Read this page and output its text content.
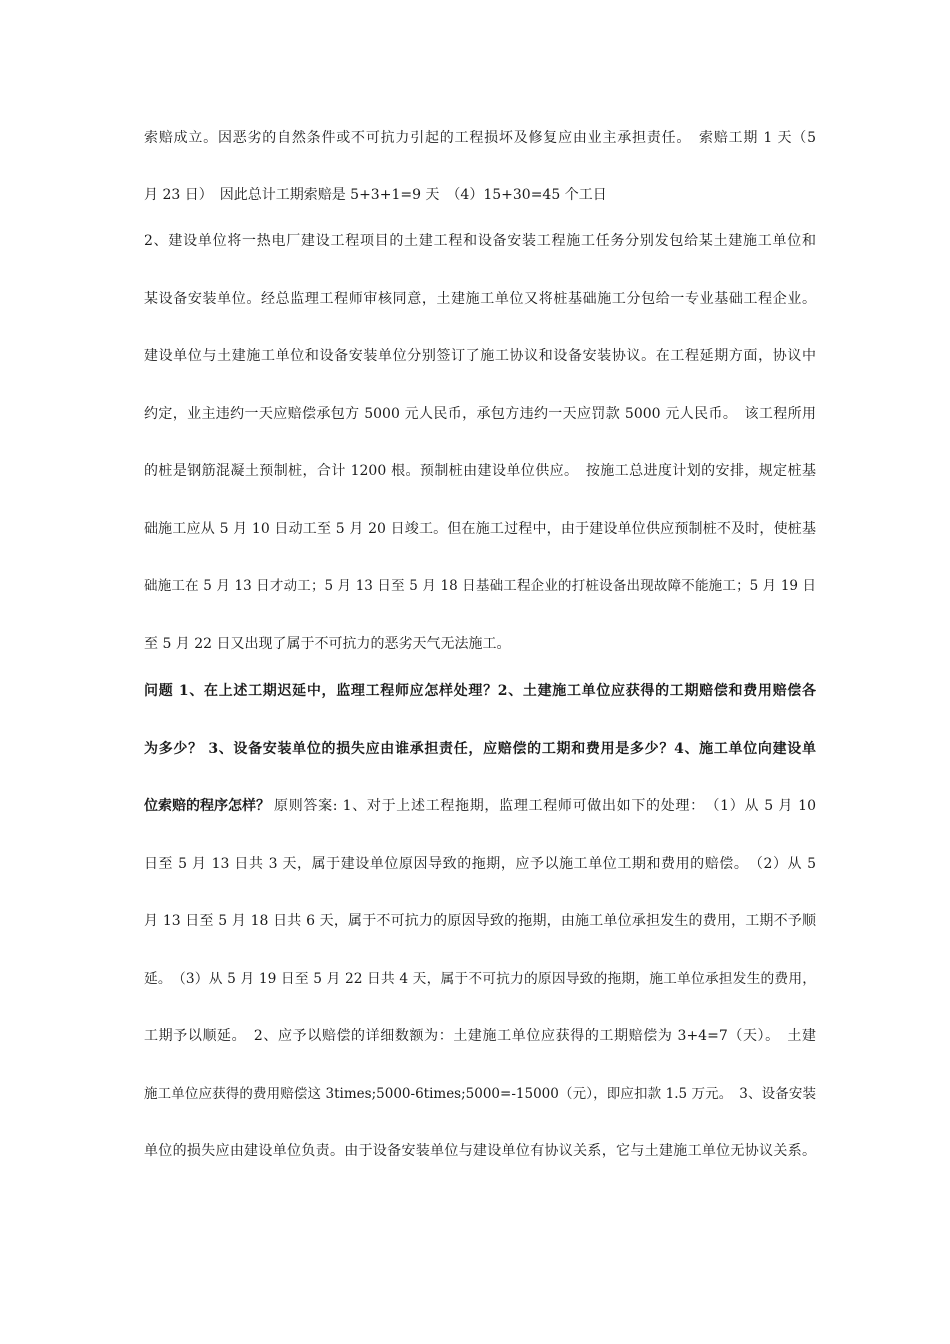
索赔成立。因恶劣的自然条件或不可抗力引起的工程损坏及修复应由业主承担责任。　索赔工期 1 天（5
月 23 日）　因此总计工期索赔是 5+3+1=9 天　（4）15+30=45 个工日
2、建设单位将一热电厂建设工程项目的土建工程和设备安装工程施工任务分别发包给某土建施工单位和
某设备安装单位。经总监理工程师审核同意，土建施工单位又将桩基础施工分包给一专业基础工程企业。
建设单位与土建施工单位和设备安装单位分别签订了施工协议和设备安装协议。在工程延期方面，协议中
约定，业主违约一天应赔偿承包方 5000 元人民币，承包方违约一天应罚款 5000 元人民币。　该工程所用
的桩是钢筋混凝土预制桩，合计 1200 根。预制桩由建设单位供应。　按施工总进度计划的安排，规定桩基
础施工应从 5 月 10 日动工至 5 月 20 日竣工。但在施工过程中，由于建设单位供应预制桩不及时，使桩基
础施工在 5 月 13 日才动工；5 月 13 日至 5 月 18 日基础工程企业的打桩设备出现故障不能施工；5 月 19 日
至 5 月 22 日又出现了属于不可抗力的恶劣天气无法施工。
问题 1、在上述工期迟延中，监理工程师应怎样处理？2、土建施工单位应获得的工期赔偿和费用赔偿各
为多少？ 3、设备安装单位的损失应由谁承担责任，应赔偿的工期和费用是多少？4、施工单位向建设单
位索赔的程序怎样？ 原则答案: 1、对于上述工程拖期，监理工程师可做出如下的处理：　（1）从 5 月 10
日至 5 月 13 日共 3 天，属于建设单位原因导致的拖期，应予以施工单位工期和费用的赔偿。　（2）从 5
月 13 日至 5 月 18 日共 6 天，属于不可抗力的原因导致的拖期，由施工单位承担发生的费用，工期不予顺
延。　（3）从 5 月 19 日至 5 月 22 日共 4 天，属于不可抗力的原因导致的拖期，施工单位承担发生的费用，
工期予以顺延。　2、应予以赔偿的详细数额为：土建施工单位应获得的工期赔偿为 3+4=7（天）。　土建
施工单位应获得的费用赔偿这 3times;5000-6times;5000=-15000（元），即应扣款 1.5 万元。　3、设备安装
单位的损失应由建设单位负责。由于设备安装单位与建设单位有协议关系，它与土建施工单位无协议关系。
